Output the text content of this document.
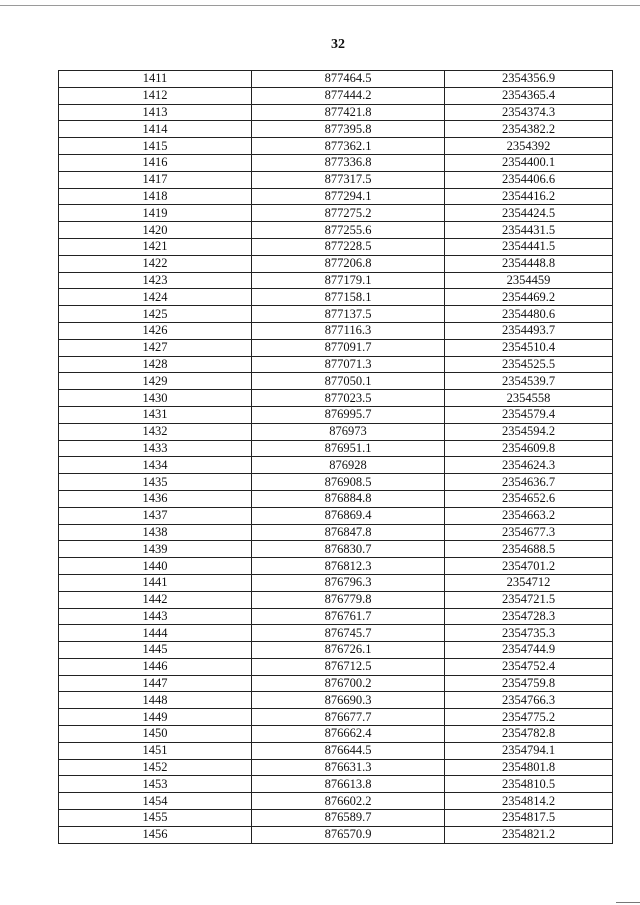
32
1411	877464.5	2354356.9
1412	877444.2	2354365.4
1413	877421.8	2354374.3
1414	877395.8	2354382.2
1415	877362.1	2354392
1416	877336.8	2354400.1
1417	877317.5	2354406.6
1418	877294.1	2354416.2
1419	877275.2	2354424.5
1420	877255.6	2354431.5
1421	877228.5	2354441.5
1422	877206.8	2354448.8
1423	877179.1	2354459
1424	877158.1	2354469.2
1425	877137.5	2354480.6
1426	877116.3	2354493.7
1427	877091.7	2354510.4
1428	877071.3	2354525.5
1429	877050.1	2354539.7
1430	877023.5	2354558
1431	876995.7	2354579.4
1432	876973	2354594.2
1433	876951.1	2354609.8
1434	876928	2354624.3
1435	876908.5	2354636.7
1436	876884.8	2354652.6
1437	876869.4	2354663.2
1438	876847.8	2354677.3
1439	876830.7	2354688.5
1440	876812.3	2354701.2
1441	876796.3	2354712
1442	876779.8	2354721.5
1443	876761.7	2354728.3
1444	876745.7	2354735.3
1445	876726.1	2354744.9
1446	876712.5	2354752.4
1447	876700.2	2354759.8
1448	876690.3	2354766.3
1449	876677.7	2354775.2
1450	876662.4	2354782.8
1451	876644.5	2354794.1
1452	876631.3	2354801.8
1453	876613.8	2354810.5
1454	876602.2	2354814.2
1455	876589.7	2354817.5
1456	876570.9	2354821.2
